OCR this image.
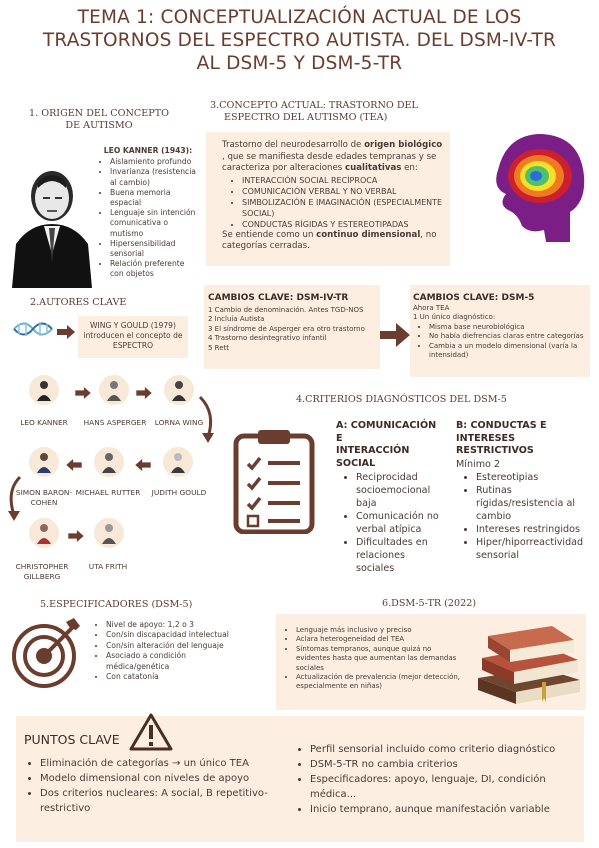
TEMA 1: CONCEPTUALIZACIÓN ACTUAL DE LOS
TRASTORNOS DEL ESPECTRO AUTISTA. DEL DSM-IV-TR
AL DSM-5 Y DSM-5-TR
1. ORIGEN DEL CONCEPTO
DE AUTISMO
LEO KANNER (1943):
• Aislamiento profundo
• Invarianza (resistencia al cambio)
• Buena memoria espacial
• Lenguaje sin intención comunicativa o mutismo
• Hipersensibilidad sensorial
• Relación preferente con objetos
2.AUTORES CLAVE
WING Y GOULD (1979) introducen el concepto de ESPECTRO
LEO KANNER	HANS ASPERGER	LORNA WING
SIMON BARON-COHEN
MICHAEL RUTTER	JUDITH GOULD
CHRISTOPHER GILLBERG
UTA FRITH
3.CONCEPTO ACTUAL: TRASTORNO DEL
ESPECTRO DEL AUTISMO (TEA)
Trastorno del neurodesarrollo de origen biológico , que se manifiesta desde edades tempranas y se caracteriza por alteraciones cualitativas en:
• INTERACCIÓN SOCIAL RECÍPROCA
• COMUNICACIÓN VERBAL Y NO VERBAL
• SIMBOLIZACIÓN E IMAGINACIÓN (ESPECIALMENTE SOCIAL)
• CONDUCTAS RÍGIDAS Y ESTEREOTIPADAS
Se entiende como un continuo dimensional, no categorías cerradas.
CAMBIOS CLAVE: DSM-IV-TR
1 Cambio de denominación. Antes TGD-NOS
2 Incluía Autista
3 El síndrome de Asperger era otro trastorno
4 Trastorno desintegrativo infantil
5 Rett
CAMBIOS CLAVE: DSM-5
Ahora TEA
1 Un único diagnóstico:
• Misma base neurobiológica
• No había diefrencias claras entre categorías
• Cambia a un modelo dimensional (varía la intensidad)
4.CRITERIOS DIAGNÓSTICOS DEL DSM-5
A: COMUNICACIÓN E
INTERACCIÓN SOCIAL
• Reciprocidad socioemocional baja
• Comunicación no verbal atípica
• Dificultades en relaciones sociales
B: CONDUCTAS E
INTERESES RESTRICTIVOS
Mínimo 2
• Estereotipias
• Rutinas rígidas/resistencia al cambio
• Intereses restringidos
• Hiper/hiporreactividad sensorial
5.ESPECIFICADORES (DSM-5)
• Nivel de apoyo: 1,2 o 3
• Con/sin discapacidad intelectual
• Con/sin alteración del lenguaje
• Asociado a condición médica/genética
• Con catatonía
6.DSM-5-TR (2022)
• Lenguaje más inclusivo y preciso
• Aclara heterogeneidad del TEA
• Síntomas tempranos, aunque quizá no evidentes hasta que aumentan las demandas sociales
• Actualización de prevalencia (mejor detección, especialmente en niñas)
PUNTOS CLAVE
• Eliminación de categorías → un único TEA
• Modelo dimensional con niveles de apoyo
• Dos criterios nucleares: A social, B repetitivo-restrictivo
• Perfil sensorial incluido como criterio diagnóstico
• DSM-5-TR no cambia criterios
• Especificadores: apoyo, lenguaje, DI, condición médica...
• Inicio temprano, aunque manifestación variable
